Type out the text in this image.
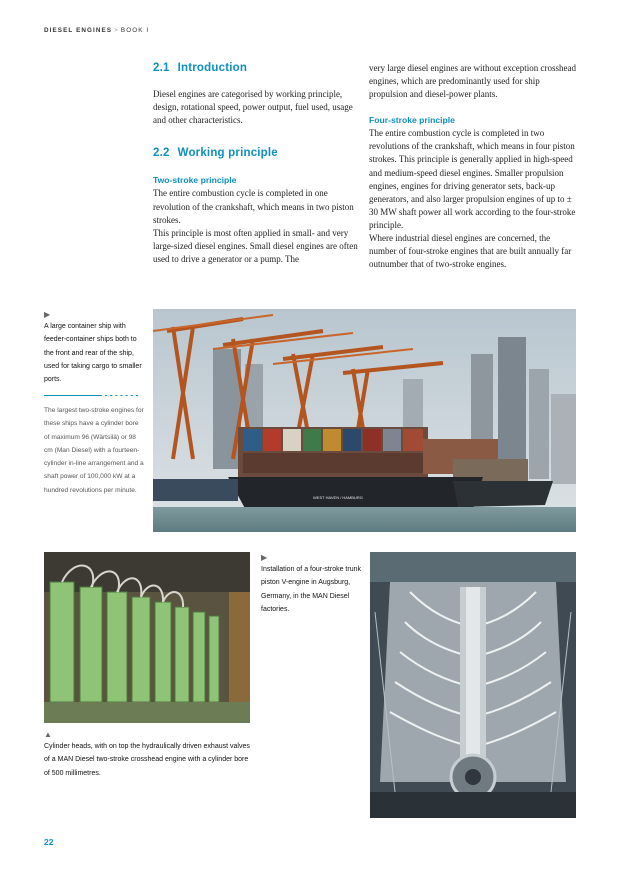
DIESEL ENGINES > BOOK I
2.1 Introduction

Diesel engines are categorised by working principle, design, rotational speed, power output, fuel used, usage and other characteristics.

2.2 Working principle
Two-stroke principle

The entire combustion cycle is completed in one revolution of the crankshaft, which means in two piston strokes.

This principle is most often applied in small- and very large-sized diesel engines. Small diesel engines are often used to drive a generator or a pump. The

very large diesel engines are without exception crosshead engines, which are predominantly used for ship propulsion and diesel-power plants.

Four-stroke principle

The entire combustion cycle is completed in two revolutions of the crankshaft, which means in four piston strokes. This principle is generally applied in high-speed and medium-speed diesel engines. Smaller propulsion engines, engines for driving generator sets, back-up generators, and also larger propulsion engines of up to ± 30 MW shaft power all work according to the four-stroke principle.

Where industrial diesel engines are concerned, the number of four-stroke engines that are built annually far outnumber that of two-stroke engines.

▶

A large container ship with feeder-container ships both to the front and rear of the ship, used for taking cargo to smaller ports.

The largest two-stroke engines for these ships have a cylinder bore of maximum 96 (Wärtsilä) or 98 cm (Man Diesel) with a fourteen-cylinder in-line arrangement and a shaft power of 100,000 kW at a hundred revolutions per minute.
WEST HAVEN / HAMBURG
▶

Installation of a four-stroke trunk piston V-engine in Augsburg, Germany, in the MAN Diesel factories.

▲

Cylinder heads, with on top the hydraulically driven exhaust valves of a MAN Diesel two-stroke crosshead engine with a cylinder bore of 500 millimetres.

22
